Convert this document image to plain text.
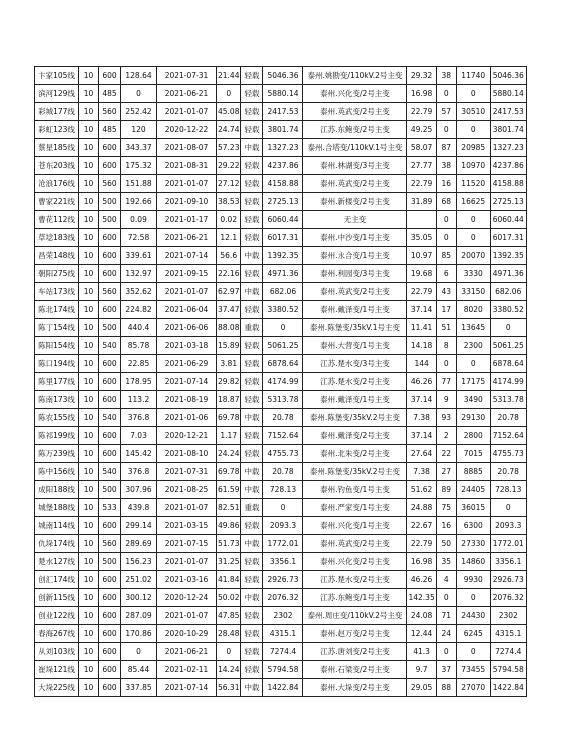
卞家105线	10	600	128.64	2021-07-31	21.44	轻载	5046.36	泰州.姚勘变/110kV.2号主变	29.32	38	11740	5046.36
滨河129线	10	485	0	2021-06-21	0	轻载	5880.14	泰州.兴化变/2号主变	16.98	0	0	5880.14
彩城177线	10	560	252.42	2021-01-07	45.08	轻载	2417.53	泰州.英武变/2号主变	22.79	57	30510	2417.53
彩虹123线	10	485	120	2020-12-22	24.74	轻载	3801.74	江苏.东鲍变/2号主变	49.25	0	0	3801.74
蔡星185线	10	600	343.37	2021-08-07	57.23	中载	1327.23	泰州.合塔变/110kV.1号主变	58.07	87	20985	1327.23
苍东203线	10	600	175.32	2021-08-31	29.22	轻载	4237.86	泰州.林湖变/3号主变	27.77	38	10970	4237.86
沧浪176线	10	560	151.88	2021-01-07	27.12	轻载	4158.88	泰州.英武变/2号主变	22.79	16	11520	4158.88
曹家221线	10	500	192.66	2021-09-10	38.53	轻载	2725.13	泰州.新楼变/2号主变	31.89	68	16625	2725.13
曹花112线	10	500	0.09	2021-01-17	0.02	轻载	6060.44	无主变		0	0	6060.44
草埝183线	10	600	72.58	2021-06-21	12.1	轻载	6017.31	泰州.中沙变/1号主变	35.05	0	0	6017.31
昌荣148线	10	600	339.61	2021-07-14	56.6	中载	1392.35	泰州.永合变/1号主变	10.97	85	20070	1392.35
朝阳275线	10	600	132.97	2021-09-15	22.16	轻载	4971.36	泰州.利园变/3号主变	19.68	6	3330	4971.36
车站173线	10	560	352.62	2021-01-07	62.97	中载	682.06	泰州.英武变/2号主变	22.79	43	33150	682.06
陈北174线	10	600	224.82	2021-06-04	37.47	轻载	3380.52	泰州.戴泽变/1号主变	37.14	17	8020	3380.52
陈丁154线	10	500	440.4	2021-06-06	88.08	重载	0	泰州.陈堡变/35kV.1号主变	11.41	51	13645	0
陈阳154线	10	540	85.78	2021-03-18	15.89	轻载	5061.25	泰州.大营变/1号主变	14.18	8	2300	5061.25
陈口194线	10	600	22.85	2021-06-29	3.81	轻载	6878.64	江苏.楚水变/3号主变	144	0	0	6878.64
陈里177线	10	600	178.95	2021-07-14	29.82	轻载	4174.99	江苏.楚水变/2号主变	46.26	77	17175	4174.99
陈南173线	10	600	113.2	2021-08-19	18.87	轻载	5313.78	泰州.戴泽变/1号主变	37.14	9	3490	5313.78
陈农155线	10	540	376.8	2021-01-06	69.78	中载	20.78	泰州.陈堡变/35kV.2号主变	7.38	93	29130	20.78
陈祁199线	10	600	7.03	2020-12-21	1.17	轻载	7152.64	泰州.戴泽变/2号主变	37.14	2	2800	7152.64
陈万239线	10	600	145.42	2021-08-10	24.24	轻载	4755.73	泰州.北朱变/2号主变	27.64	22	7015	4755.73
陈中156线	10	540	376.8	2021-07-31	69.78	中载	20.78	泰州.陈堡变/35kV.2号主变	7.38	27	8885	20.78
成阳188线	10	500	307.96	2021-08-25	61.59	中载	728.13	泰州.钓鱼变/1号主变	51.62	89	24405	728.13
城堡188线	10	533	439.8	2021-01-07	82.51	重载	0	泰州.严家变/1号主变	24.88	75	36015	0
城南114线	10	600	299.14	2021-03-15	49.86	轻载	2093.3	泰州.兴化变/1号主变	22.67	16	6300	2093.3
仇垛174线	10	560	289.69	2021-07-15	51.73	中载	1772.01	泰州.英武变/2号主变	22.79	50	27330	1772.01
楚水127线	10	500	156.23	2021-01-07	31.25	轻载	3356.1	泰州.兴化变/2号主变	16.98	35	14860	3356.1
创汇174线	10	600	251.02	2021-03-16	41.84	轻载	2926.73	江苏.楚水变/2号主变	46.26	4	9930	2926.73
创新115线	10	600	300.12	2020-12-24	50.02	中载	2076.32	江苏.东鲍变/1号主变	142.35	0	0	2076.32
创业122线	10	600	287.09	2021-01-07	47.85	轻载	2302	泰州.周庄变/110kV.2号主变	24.08	71	24430	2302
春海267线	10	600	170.86	2020-10-29	28.48	轻载	4315.1	泰州.赵万变/2号主变	12.44	24	6245	4315.1
从刘103线	10	600	0	2021-06-21	0	轻载	7274.4	江苏.唐刘变/2号主变	41.3	0	0	7274.4
崔垛121线	10	600	85.44	2021-02-11	14.24	轻载	5794.58	泰州.石梁变/2号主变	9.7	37	73455	5794.58
大垛225线	10	600	337.85	2021-07-14	56.31	中载	1422.84	泰州.大垛变/2号主变	29.05	88	27070	1422.84
